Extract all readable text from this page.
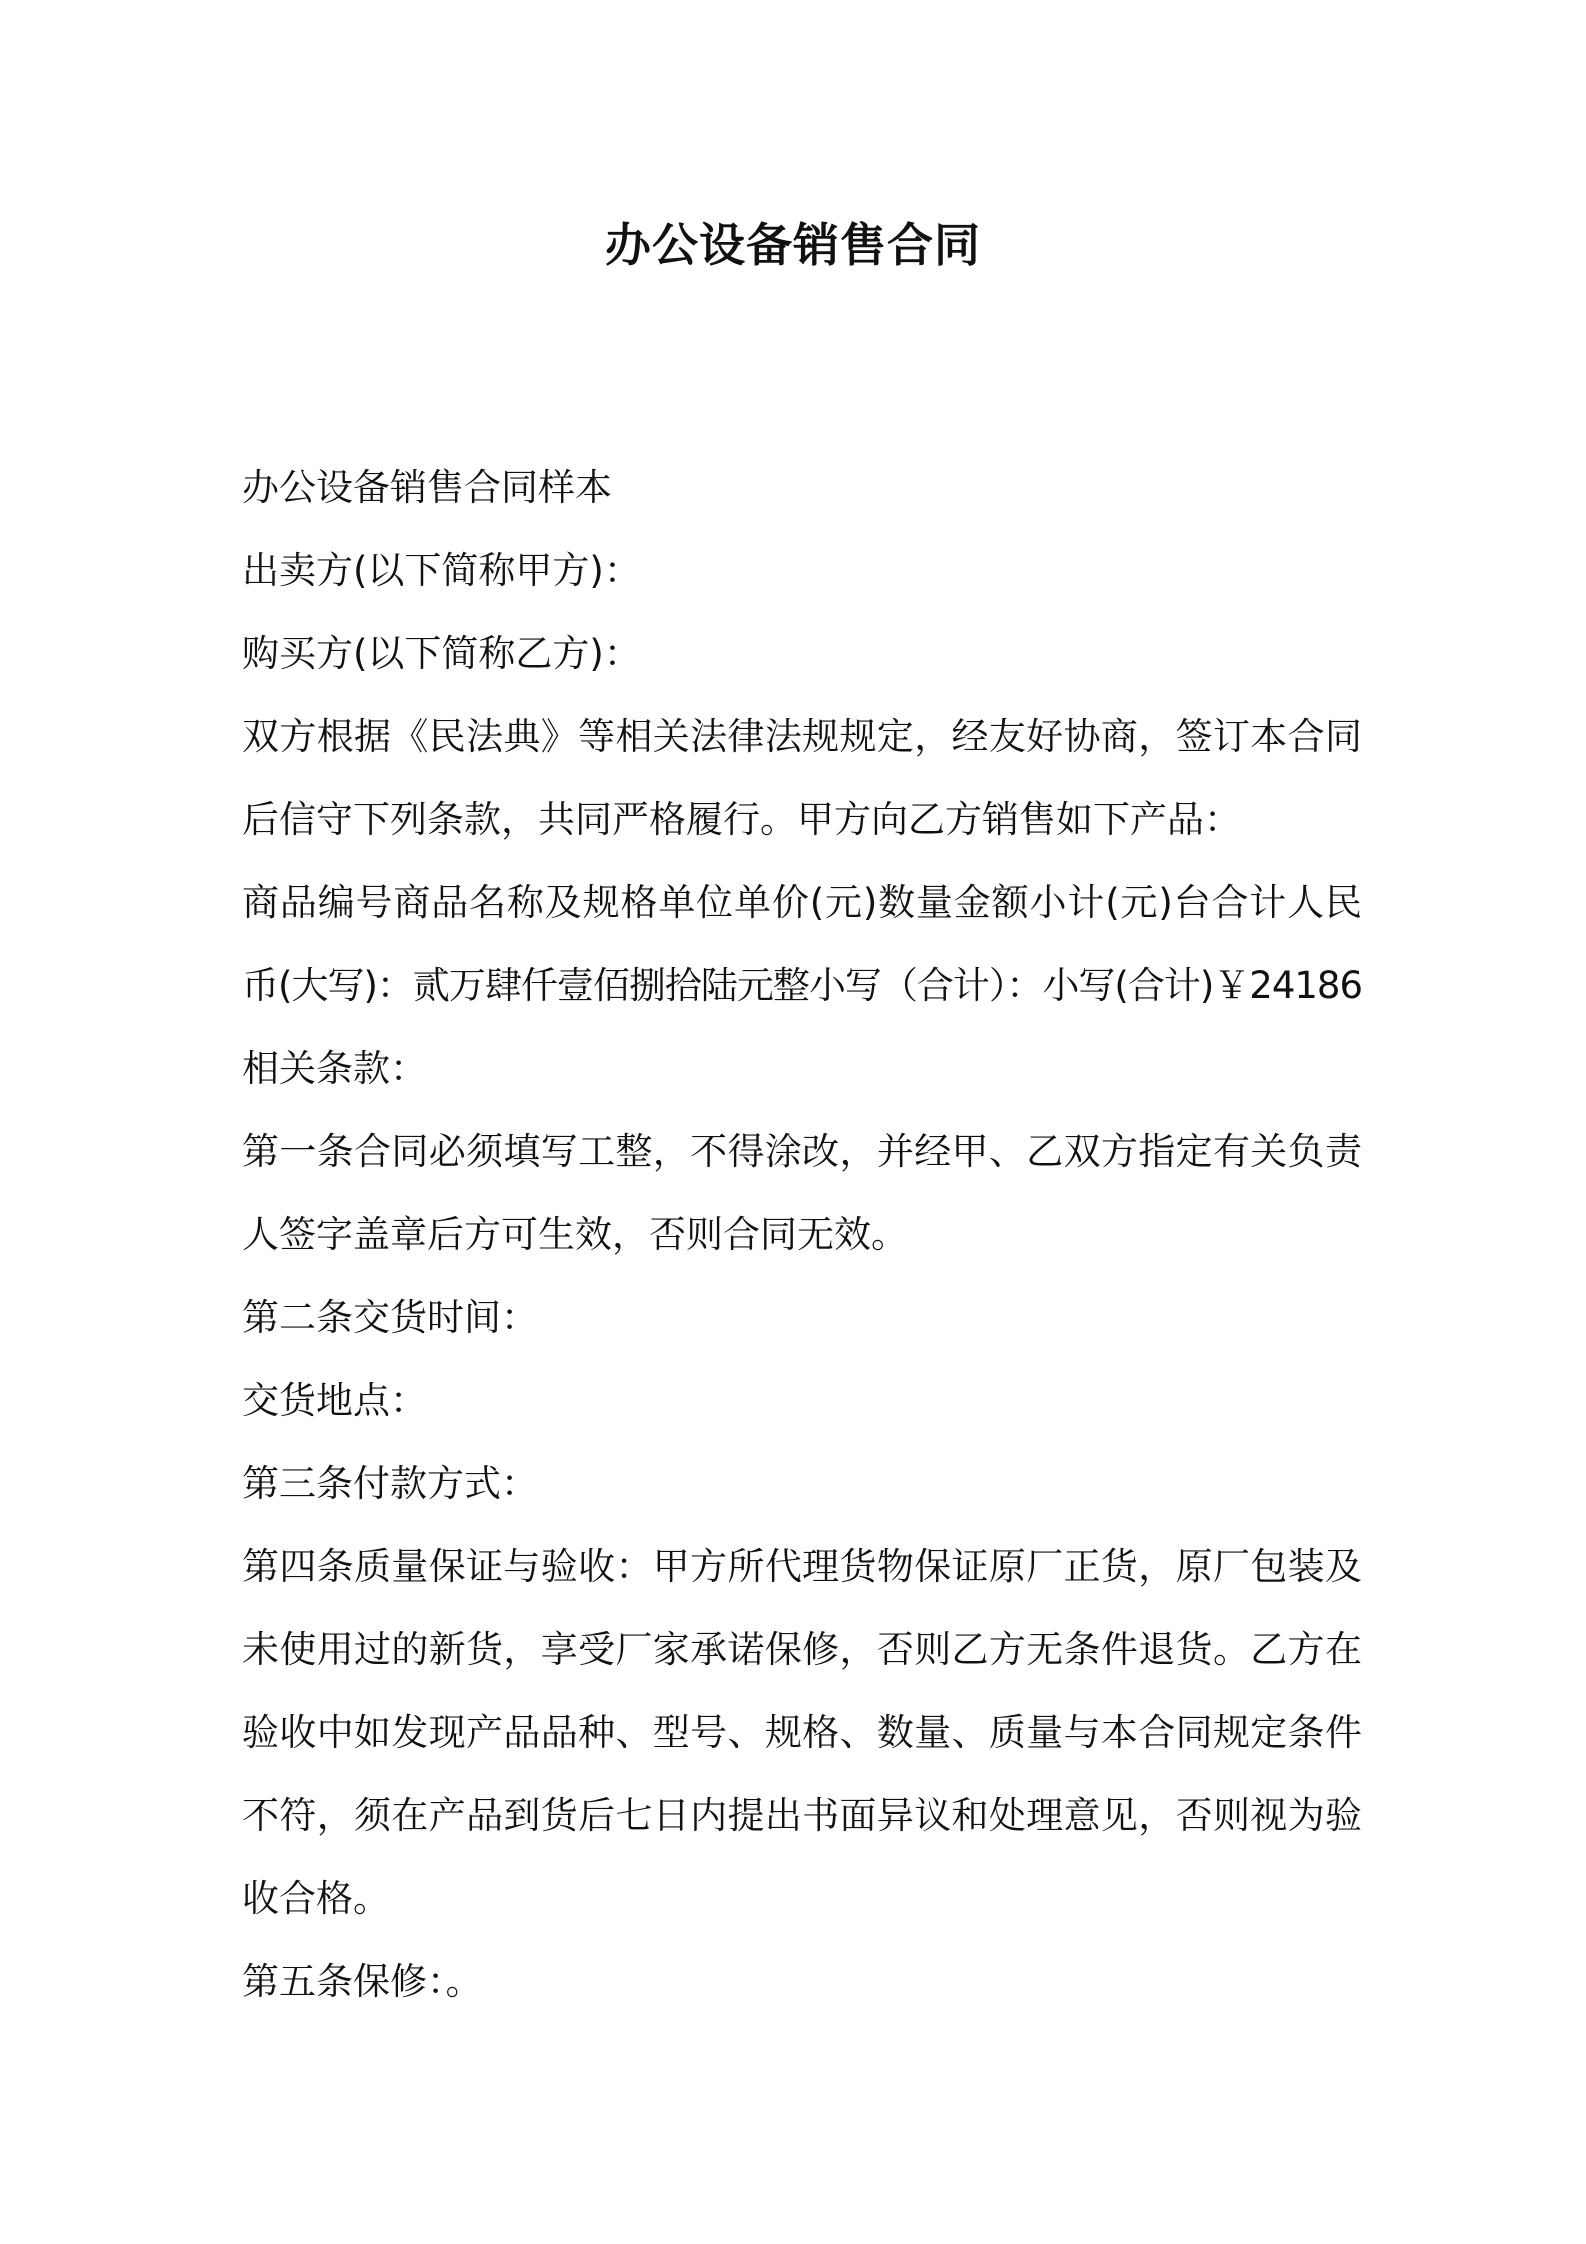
办公设备销售合同
办公设备销售合同样本
出卖方(以下简称甲方)：
购买方(以下简称乙方)：
双方根据《民法典》等相关法律法规规定，经友好协商，签订本合同
后信守下列条款，共同严格履行。甲方向乙方销售如下产品：
商品编号商品名称及规格单位单价(元)数量金额小计(元)台合计人民
币(大写)：贰万肆仟壹佰捌拾陆元整小写（合计）：小写(合计)￥24186
相关条款：
第一条合同必须填写工整，不得涂改，并经甲、乙双方指定有关负责
人签字盖章后方可生效，否则合同无效。
第二条交货时间：
交货地点：
第三条付款方式：
第四条质量保证与验收：甲方所代理货物保证原厂正货，原厂包装及
未使用过的新货，享受厂家承诺保修，否则乙方无条件退货。乙方在
验收中如发现产品品种、型号、规格、数量、质量与本合同规定条件
不符，须在产品到货后七日内提出书面异议和处理意见，否则视为验
收合格。
第五条保修：。
